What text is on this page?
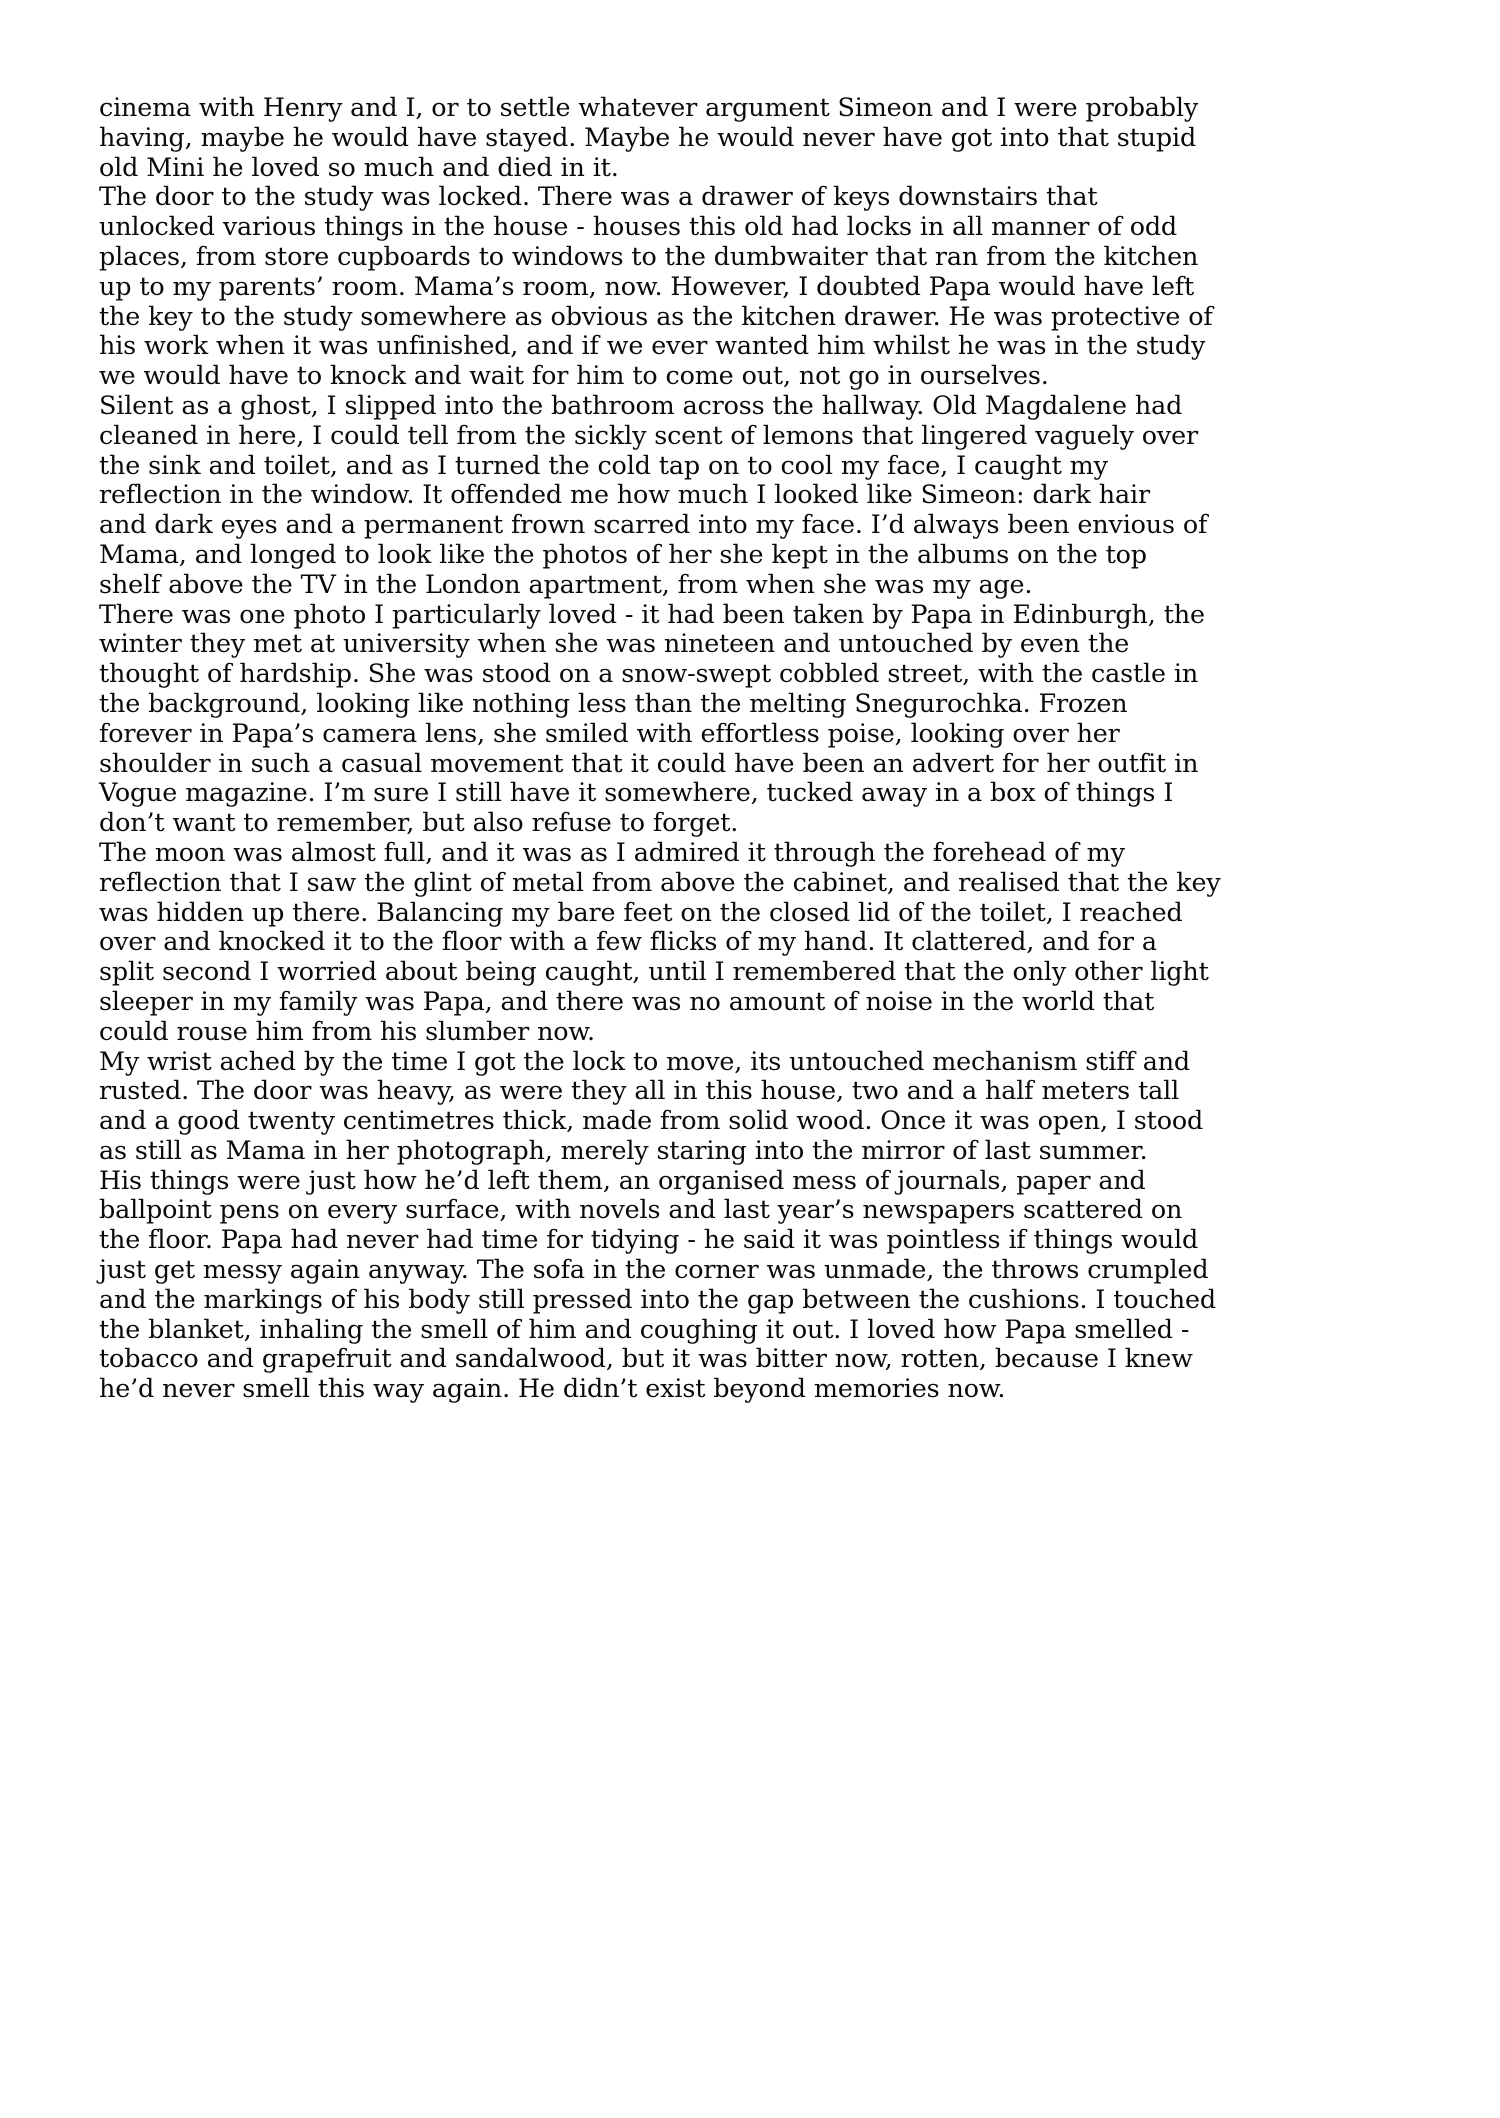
cinema with Henry and I, or to settle whatever argument Simeon and I were probably
having, maybe he would have stayed. Maybe he would never have got into that stupid
old Mini he loved so much and died in it.

The door to the study was locked. There was a drawer of keys downstairs that
unlocked various things in the house - houses this old had locks in all manner of odd
places, from store cupboards to windows to the dumbwaiter that ran from the kitchen
up to my parents’ room. Mama’s room, now. However, I doubted Papa would have left
the key to the study somewhere as obvious as the kitchen drawer. He was protective of
his work when it was unfinished, and if we ever wanted him whilst he was in the study
we would have to knock and wait for him to come out, not go in ourselves.

Silent as a ghost, I slipped into the bathroom across the hallway. Old Magdalene had
cleaned in here, I could tell from the sickly scent of lemons that lingered vaguely over
the sink and toilet, and as I turned the cold tap on to cool my face, I caught my
reflection in the window. It offended me how much I looked like Simeon: dark hair
and dark eyes and a permanent frown scarred into my face. I’d always been envious of
Mama, and longed to look like the photos of her she kept in the albums on the top
shelf above the TV in the London apartment, from when she was my age.

There was one photo I particularly loved - it had been taken by Papa in Edinburgh, the
winter they met at university when she was nineteen and untouched by even the
thought of hardship. She was stood on a snow-swept cobbled street, with the castle in
the background, looking like nothing less than the melting Snegurochka. Frozen
forever in Papa’s camera lens, she smiled with effortless poise, looking over her
shoulder in such a casual movement that it could have been an advert for her outfit in
Vogue magazine. I’m sure I still have it somewhere, tucked away in a box of things I
don’t want to remember, but also refuse to forget.

The moon was almost full, and it was as I admired it through the forehead of my
reflection that I saw the glint of metal from above the cabinet, and realised that the key
was hidden up there. Balancing my bare feet on the closed lid of the toilet, I reached
over and knocked it to the floor with a few flicks of my hand. It clattered, and for a
split second I worried about being caught, until I remembered that the only other light
sleeper in my family was Papa, and there was no amount of noise in the world that
could rouse him from his slumber now.

My wrist ached by the time I got the lock to move, its untouched mechanism stiff and
rusted. The door was heavy, as were they all in this house, two and a half meters tall
and a good twenty centimetres thick, made from solid wood. Once it was open, I stood
as still as Mama in her photograph, merely staring into the mirror of last summer.

His things were just how he’d left them, an organised mess of journals, paper and
ballpoint pens on every surface, with novels and last year’s newspapers scattered on
the floor. Papa had never had time for tidying - he said it was pointless if things would
just get messy again anyway. The sofa in the corner was unmade, the throws crumpled
and the markings of his body still pressed into the gap between the cushions. I touched
the blanket, inhaling the smell of him and coughing it out. I loved how Papa smelled -
tobacco and grapefruit and sandalwood, but it was bitter now, rotten, because I knew
he’d never smell this way again. He didn’t exist beyond memories now.
